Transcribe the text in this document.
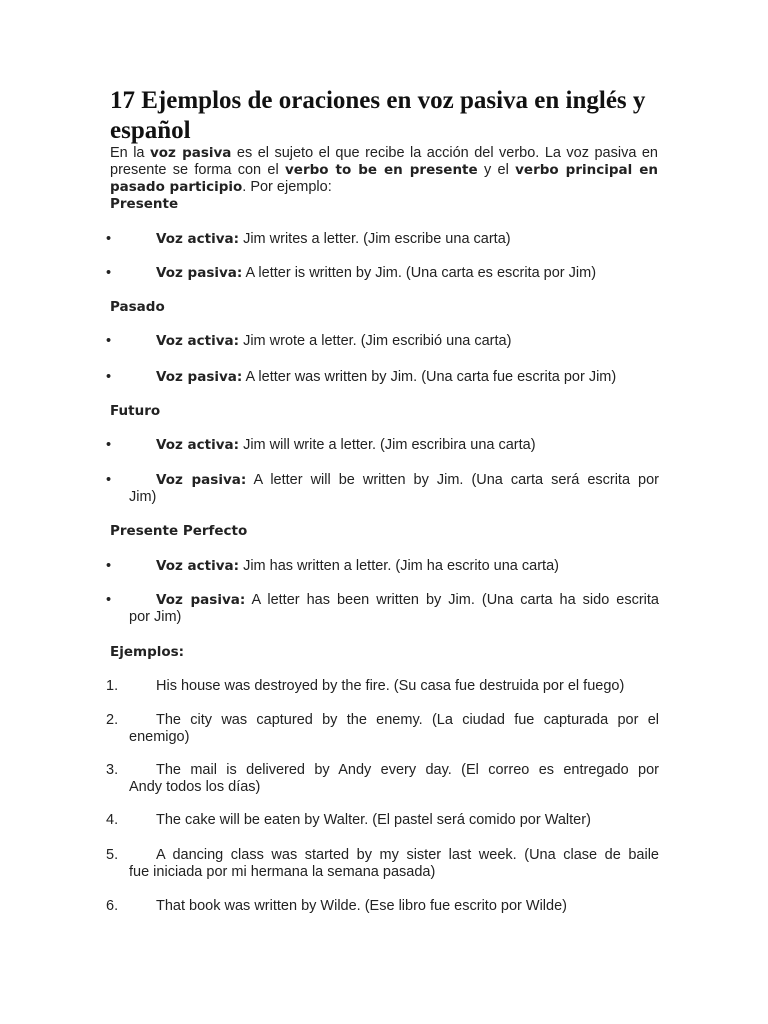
17 Ejemplos de oraciones en voz pasiva en inglés y español

En la voz pasiva es el sujeto el que recibe la acción del verbo. La voz pasiva en presente se forma con el verbo to be en presente y el verbo principal en pasado participio. Por ejemplo:

Presente

•	Voz activa: Jim writes a letter. (Jim escribe una carta)
•	Voz pasiva: A letter is written by Jim. (Una carta es escrita por Jim)

Pasado

•	Voz activa: Jim wrote a letter. (Jim escribió una carta)
•	Voz pasiva: A letter was written by Jim. (Una carta fue escrita por Jim)

Futuro

•	Voz activa: Jim will write a letter. (Jim escribira una carta)
•	Voz pasiva: A letter will be written by Jim. (Una carta será escrita por
Jim)

Presente Perfecto

•	Voz activa: Jim has written a letter. (Jim ha escrito una carta)
•	Voz pasiva: A letter has been written by Jim. (Una carta ha sido escrita
por Jim)

Ejemplos:

1.	His house was destroyed by the fire. (Su casa fue destruida por el fuego)
2.	The city was captured by the enemy. (La ciudad fue capturada por el
enemigo)
3.	The mail is delivered by Andy every day. (El correo es entregado por
Andy todos los días)
4.	The cake will be eaten by Walter. (El pastel será comido por Walter)
5.	A dancing class was started by my sister last week. (Una clase de baile
fue iniciada por mi hermana la semana pasada)
6.	That book was written by Wilde. (Ese libro fue escrito por Wilde)
